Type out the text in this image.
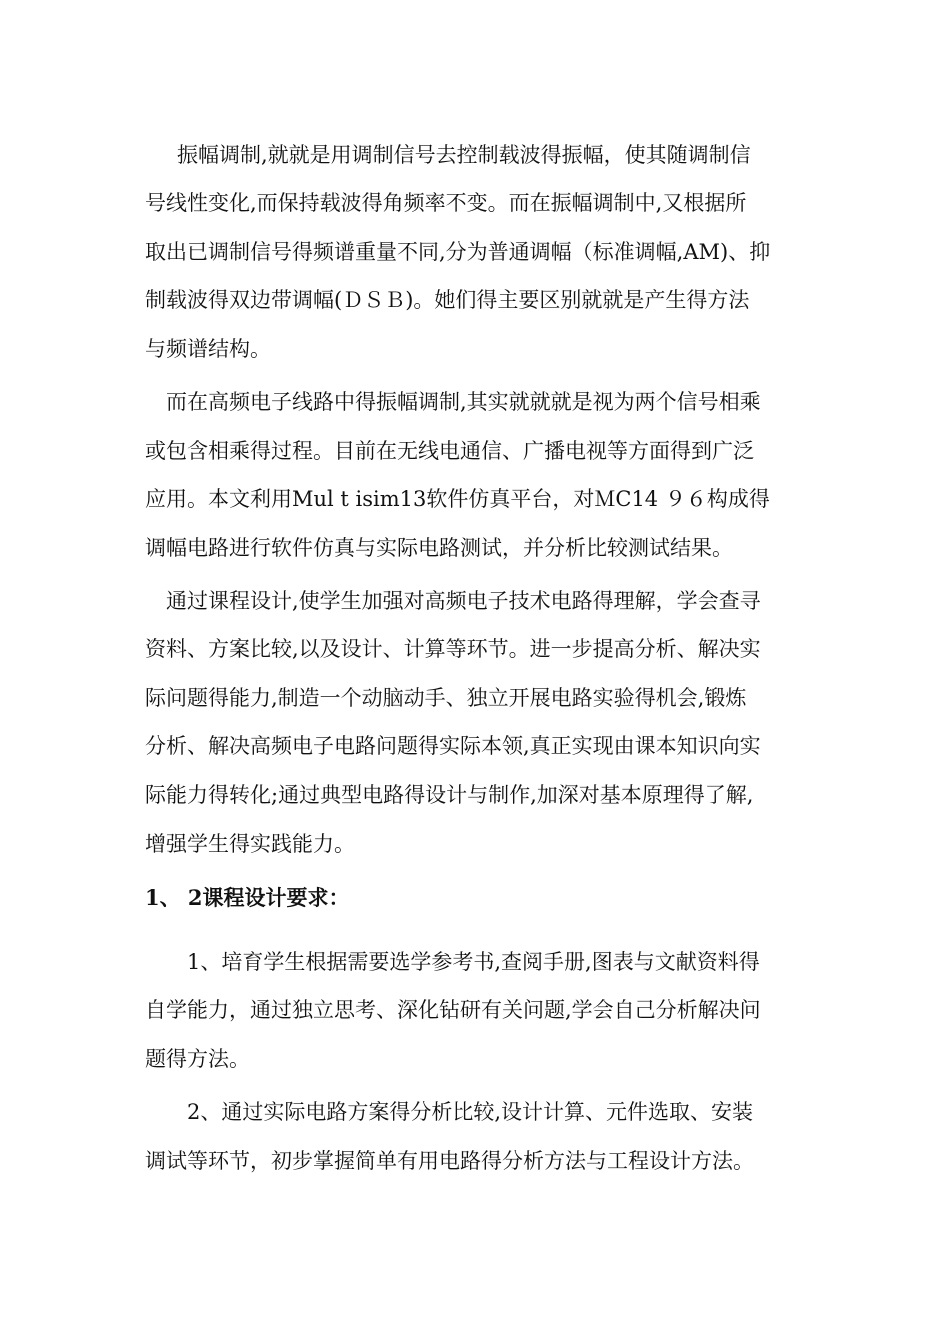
振幅调制,就就是用调制信号去控制载波得振幅，使其随调制信
号线性变化,而保持载波得角频率不变。而在振幅调制中,又根据所
取出已调制信号得频谱重量不同,分为普通调幅（标准调幅,AM)、抑
制载波得双边带调幅(ＤＳＢ)。她们得主要区别就就是产生得方法
与频谱结构。
而在高频电子线路中得振幅调制,其实就就就是视为两个信号相乘
或包含相乘得过程。目前在无线电通信、广播电视等方面得到广泛
应用。本文利用Mul t isim13软件仿真平台，对ＭC14 ９６构成得
调幅电路进行软件仿真与实际电路测试，并分析比较测试结果。
通过课程设计,使学生加强对高频电子技术电路得理解，学会查寻
资料、方案比较,以及设计、计算等环节。进一步提高分析、解决实
际问题得能力,制造一个动脑动手、独立开展电路实验得机会,锻炼
分析、解决高频电子电路问题得实际本领,真正实现由课本知识向实
际能力得转化;通过典型电路得设计与制作,加深对基本原理得了解,
增强学生得实践能力。
1、 2课程设计要求：
1、培育学生根据需要选学参考书,查阅手册,图表与文献资料得
自学能力，通过独立思考、深化钻研有关问题,学会自己分析解决问
题得方法。
2、通过实际电路方案得分析比较,设计计算、元件选取、安装
调试等环节，初步掌握简单有用电路得分析方法与工程设计方法。
